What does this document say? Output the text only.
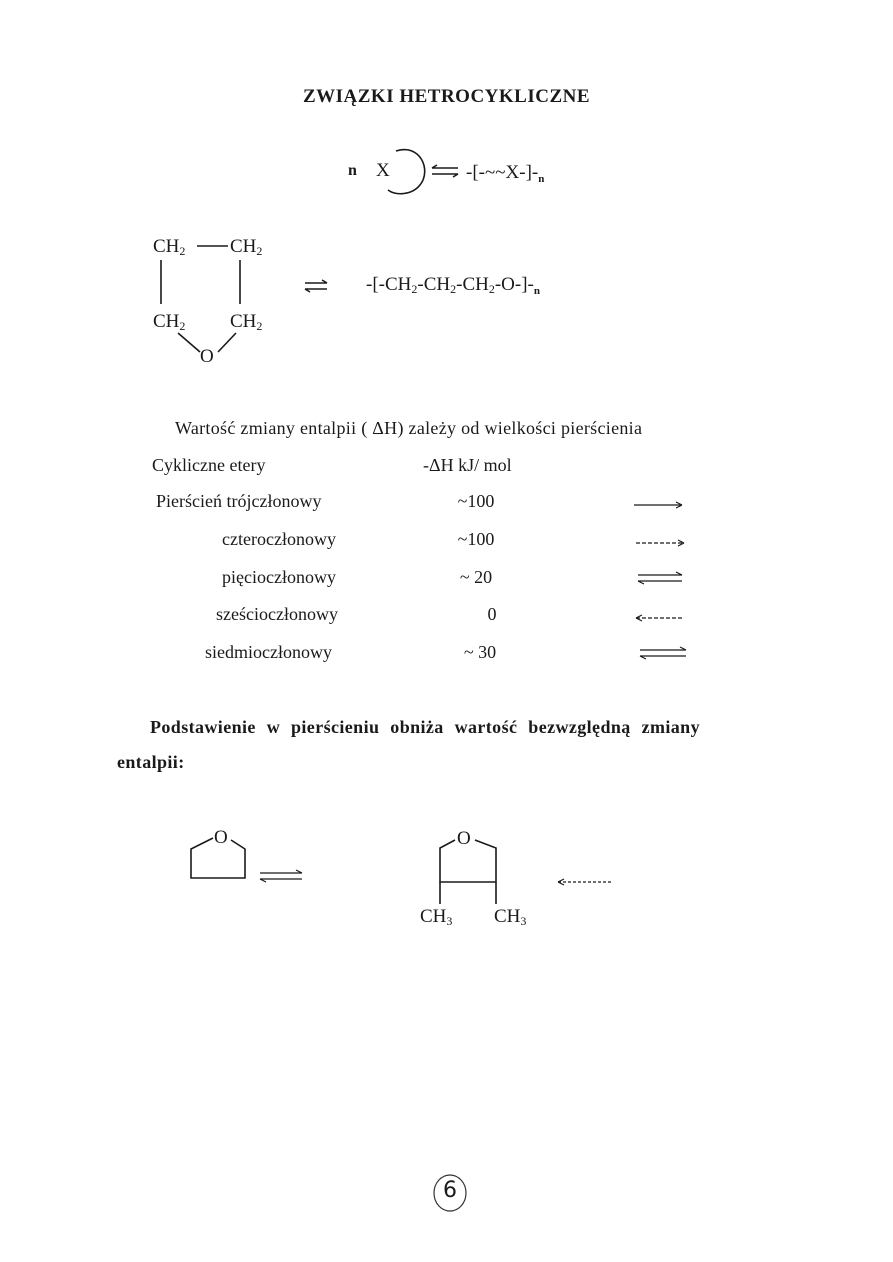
ZWIĄZKI HETROCYKLICZNE
n X	$-[-\sim\sim X-]-_n$
$CH_2$ $CH_2$
$CH_2$ $CH_2$
O
$-[-CH_2-CH_2-CH_2-O-]-_n$
Wartość zmiany entalpii ( ΔH) zależy od wielkości pierścienia
Cykliczne etery	-ΔH kJ/ mol
Pierścień trójczłonowy	~100
czteroczłonowy	~100
pięcioczłonowy	~ 20
sześcioczłonowy	0
siedmioczłonowy	~ 30
Podstawienie w pierścieniu obniża wartość bezwzględną zmiany
entalpii:
O	O
$CH_3$ $CH_3$
6
